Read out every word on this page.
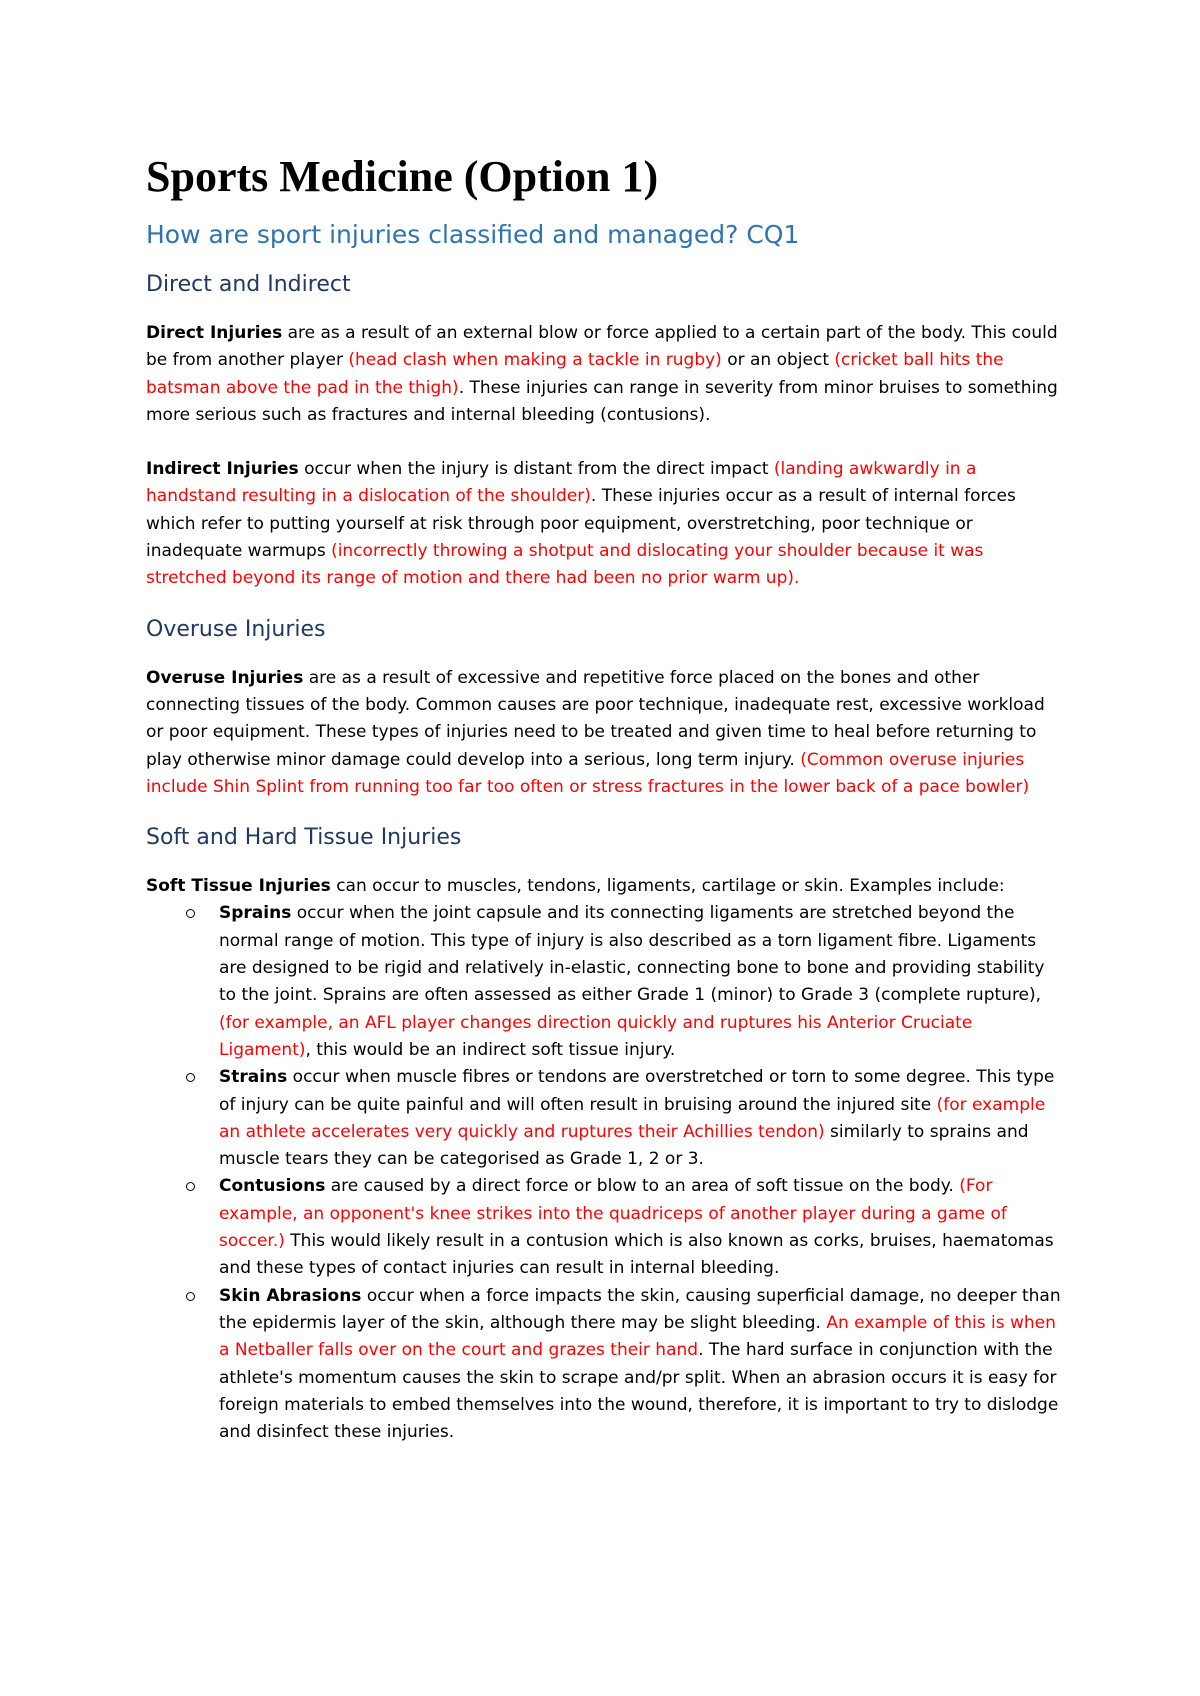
Sports Medicine (Option 1)
How are sport injuries classified and managed? CQ1
Direct and Indirect

Direct Injuries are as a result of an external blow or force applied to a certain part of the body. This could be from another player (head clash when making a tackle in rugby) or an object (cricket ball hits the batsman above the pad in the thigh). These injuries can range in severity from minor bruises to something more serious such as fractures and internal bleeding (contusions).

Indirect Injuries occur when the injury is distant from the direct impact (landing awkwardly in a handstand resulting in a dislocation of the shoulder). These injuries occur as a result of internal forces which refer to putting yourself at risk through poor equipment, overstretching, poor technique or inadequate warmups (incorrectly throwing a shotput and dislocating your shoulder because it was stretched beyond its range of motion and there had been no prior warm up).

Overuse Injuries

Overuse Injuries are as a result of excessive and repetitive force placed on the bones and other connecting tissues of the body. Common causes are poor technique, inadequate rest, excessive workload or poor equipment. These types of injuries need to be treated and given time to heal before returning to play otherwise minor damage could develop into a serious, long term injury. (Common overuse injuries include Shin Splint from running too far too often or stress fractures in the lower back of a pace bowler)

Soft and Hard Tissue Injuries

Soft Tissue Injuries can occur to muscles, tendons, ligaments, cartilage or skin. Examples include:

Sprains occur when the joint capsule and its connecting ligaments are stretched beyond the normal range of motion. This type of injury is also described as a torn ligament fibre. Ligaments are designed to be rigid and relatively in-elastic, connecting bone to bone and providing stability to the joint. Sprains are often assessed as either Grade 1 (minor) to Grade 3 (complete rupture), (for example, an AFL player changes direction quickly and ruptures his Anterior Cruciate Ligament), this would be an indirect soft tissue injury.
Strains occur when muscle fibres or tendons are overstretched or torn to some degree. This type of injury can be quite painful and will often result in bruising around the injured site (for example an athlete accelerates very quickly and ruptures their Achillies tendon) similarly to sprains and muscle tears they can be categorised as Grade 1, 2 or 3.
Contusions are caused by a direct force or blow to an area of soft tissue on the body. (For example, an opponent's knee strikes into the quadriceps of another player during a game of soccer.) This would likely result in a contusion which is also known as corks, bruises, haematomas and these types of contact injuries can result in internal bleeding.
Skin Abrasions occur when a force impacts the skin, causing superficial damage, no deeper than the epidermis layer of the skin, although there may be slight bleeding. An example of this is when a Netballer falls over on the court and grazes their hand. The hard surface in conjunction with the athlete's momentum causes the skin to scrape and/pr split. When an abrasion occurs it is easy for foreign materials to embed themselves into the wound, therefore, it is important to try to dislodge and disinfect these injuries.
